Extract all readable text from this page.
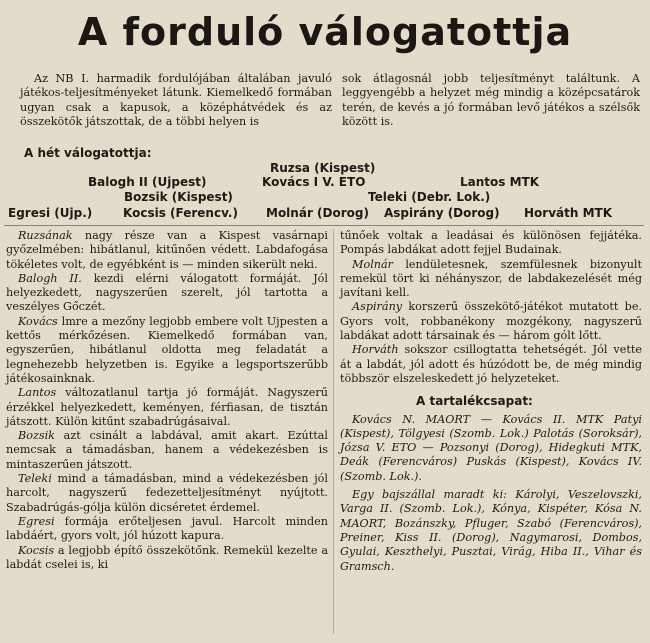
A forduló válogatottja
Az NB I. harmadik fordulójában általában javuló játékos-teljesítményeket látunk. Kiemelkedő formában ugyan csak a kapusok, a középhátvédek és az összekötők játszottak, de a többi helyen is
sok átlagosnál jobb teljesítményt találtunk. A leggyengébb a helyzet még mindig a középcsatárok terén, de kevés a jó formában levő játékos a szélsők között is.
A hét válogatottja:
Ruzsa (Kispest)
Balogh II (Ujpest)	Kovács I V. ETO	Lantos MTK
Bozsik (Kispest)	Teleki (Debr. Lok.)
Egresi (Ujp.)	Kocsis (Ferencv.) Molnár (Dorog) Aspirány (Dorog) Horváth MTK

Ruzsának nagy része van a Kispest vasárnapi győzelmében: hibátlanul, kitűnően védett. Labdafogása tökéletes volt, de egyébként is — minden sikerült neki.

Balogh II. kezdi elérni válogatott formáját. Jól helyezkedett, nagyszerűen szerelt, jól tartotta a veszélyes Gőczét.

Kovács lmre a mezőny legjobb embere volt Ujpesten a kettős mérkőzésen. Kiemelkedő formában van, egyszerűen, hibátlanul oldotta meg feladatát a legnehezebb helyzetben is. Egyike a legsportszerűbb játékosainknak.

Lantos változatlanul tartja jó formáját. Nagyszerű érzékkel helyezkedett, keményen, férfiasan, de tisztán játszott. Külön kitűnt szabadrúgásaival.

Bozsik azt csinált a labdával, amit akart. Ezúttal nemcsak a támadásban, hanem a védekezésben is mintaszerűen játszott.

Teleki mind a támadásban, mind a védekezésben jól harcolt, nagyszerű fedezetteljesítményt nyújtott. Szabadrúgás-gólja külön dicséretet érdemel.

Egresi formája erőteljesen javul. Harcolt minden labdáért, gyors volt, jól húzott kapura.

Kocsis a legjobb építő összekötőnk. Remekül kezelte a labdát cselei is, ki

tűnőek voltak a leadásai és különösen fejjátéka. Pompás labdákat adott fejjel Budainak.

Molnár lendületesnek, szemfülesnek bizonyult remekül tört ki néhányszor, de labdakezelését még javítani kell.

Aspirány korszerű összekötő-játékot mutatott be. Gyors volt, robbanékony mozgékony, nagyszerű labdákat adott társainak és — három gólt lőtt.

Horváth sokszor csillogtatta tehetségét. Jól vette át a labdát, jól adott és húzódott be, de még mindig többször elszeleskedett jó helyzeteket.

A tartalékcsapat:

Kovács N. MAORT — Kovács II. MTK Patyi (Kispest), Tölgyesi (Szomb. Lok.) Palotás (Soroksár), Józsa V. ETO — Pozsonyi (Dorog), Hidegkuti MTK, Deák (Ferencváros) Puskás (Kispest), Kovács IV. (Szomb. Lok.).

Egy bajszállal maradt ki: Károlyi, Veszelovszki, Varga II. (Szomb. Lok.), Kónya, Kispéter, Kósa N. MAORT, Bozánszky, Pfluger, Szabó (Ferencváros), Preiner, Kiss II. (Dorog), Nagymarosi, Dombos, Gyulai, Keszthelyi, Pusztai, Virág, Hiba II., Vihar és Gramsch.
